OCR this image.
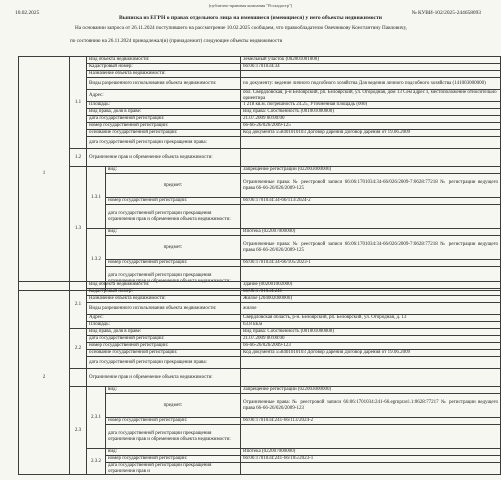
(публично-правовая компания "Роскадастр")
10.02.2025	№ КУВИ-102/2025-244658093
Выписка из ЕГРН о правах отдельного лица на имевшиеся (имеющиеся) у него объекты недвижимости
На основании запроса от 26.11.2024 поступившего на рассмотрение 10.02.2025 сообщаем, что правообладателю Овечникову Константину Павловичу,
по состоянию на 26.11.2024 принадлежал(и) (принадлежит) следующие объекты недвижимости
1	1.1	Вид объекта недвижимости:		Земельный участок (002001001000)
		Кадастровый номер:		66:06:1701034:34
		Назначение объекта недвижимости:		
		Виды разрешенного использования объекта недвижимости:		по документу: ведение личного подсобного хозяйства Для ведения личного подсобного хозяйства (141003000000)
		Адрес:		обл. Свердловская, р-н Белоярский, рп. Белоярский, ул. Огородная, дом 13 Сем адрес з, местоположение относительно ориентира
		Площадь:		1 218 кв.м. погрешность 24.25, Уточненная площадь (000)
		Вид права, доля в праве:		Вид права: Собственность (001001000000)
		дата государственной регистрации:		21.07.2009 00:00:00
		номер государственной регистрации:		66-66-26/026/2009-125
		основание государственной регистрации:		Код документа 558401010103 Договор дарения Договор дарения от 19.06.2009
		дата государственной регистрации прекращения права:		
	1.2	Ограничение прав и обременение объекта недвижимости:		
	1.3	1.3.1	вид:	Запрещение регистрации (022003000000)
			предмет:	Ограниченные права: № реестровой записи 66:06:1701034:34-66/026/2009-7:0628:77218 № регистрации ведущего права 66-66-26/026/2009-125
			номер государственной регистрации:	66:06:1701034:34-66/113/2024-2
			дата государственной регистрации прекращения ограничения прав и обременения объекта недвижимости:	
		1.3.2	вид:	Ипотека (022007000000)
			предмет:	Ограниченные права: № реестровой записи 66:06:1701034:34-66/026/2009-7:0628:77218 № регистрации ведущего права 66-66-26/026/2009-125
			номер государственной регистрации:	66:06:1701034:34-66/105/2023-1
			дата государственной регистрации прекращения ограничения прав и обременения объекта недвижимости:	
2	2.1	Вид объекта недвижимости:		Здание (002001002000)
		Кадастровый номер:		66:06:1701034:241
		Назначение объекта недвижимости:		Жилое (204002000000)
		Виды разрешенного использования объекта недвижимости:		жилое
		Адрес:		Свердловская область, р-н. Белоярский, рп. Белоярский, ул. Огородная, д. 13
		Площадь:		63.8 кв.м
	2.2	Вид права, доля в праве:		Вид права: Собственность (001001000000)
		дата государственной регистрации:		21.07.2009 00:00:00
		номер государственной регистрации:		66-66-26/026/2009-123
		основание государственной регистрации:		Код документа 558401010103 Договор дарения Договор дарения от 19.06.2009
		дата государственной регистрации прекращения права:		
		Ограничение прав и обременение объекта недвижимости:		
	2.3	2.3.1	вид:	Запрещение регистрации (022003000000)
			предмет:	Ограниченные права: № реестровой записи 66:06:1701034:241-66.egrnpravi.1:0628:77217 № регистрации ведущего права 66-66-26/026/2009-123
			номер государственной регистрации:	66:06:1701034:241-66/113/2024-2
			дата государственной регистрации прекращения ограничения прав и обременения объекта недвижимости:	
		2.3.2	вид:	Ипотека (022007000000)
			номер государственной регистрации:	66:06:1701034:241-66/105/2023-1
			дата государственной регистрации прекращения ограничения прав и	
